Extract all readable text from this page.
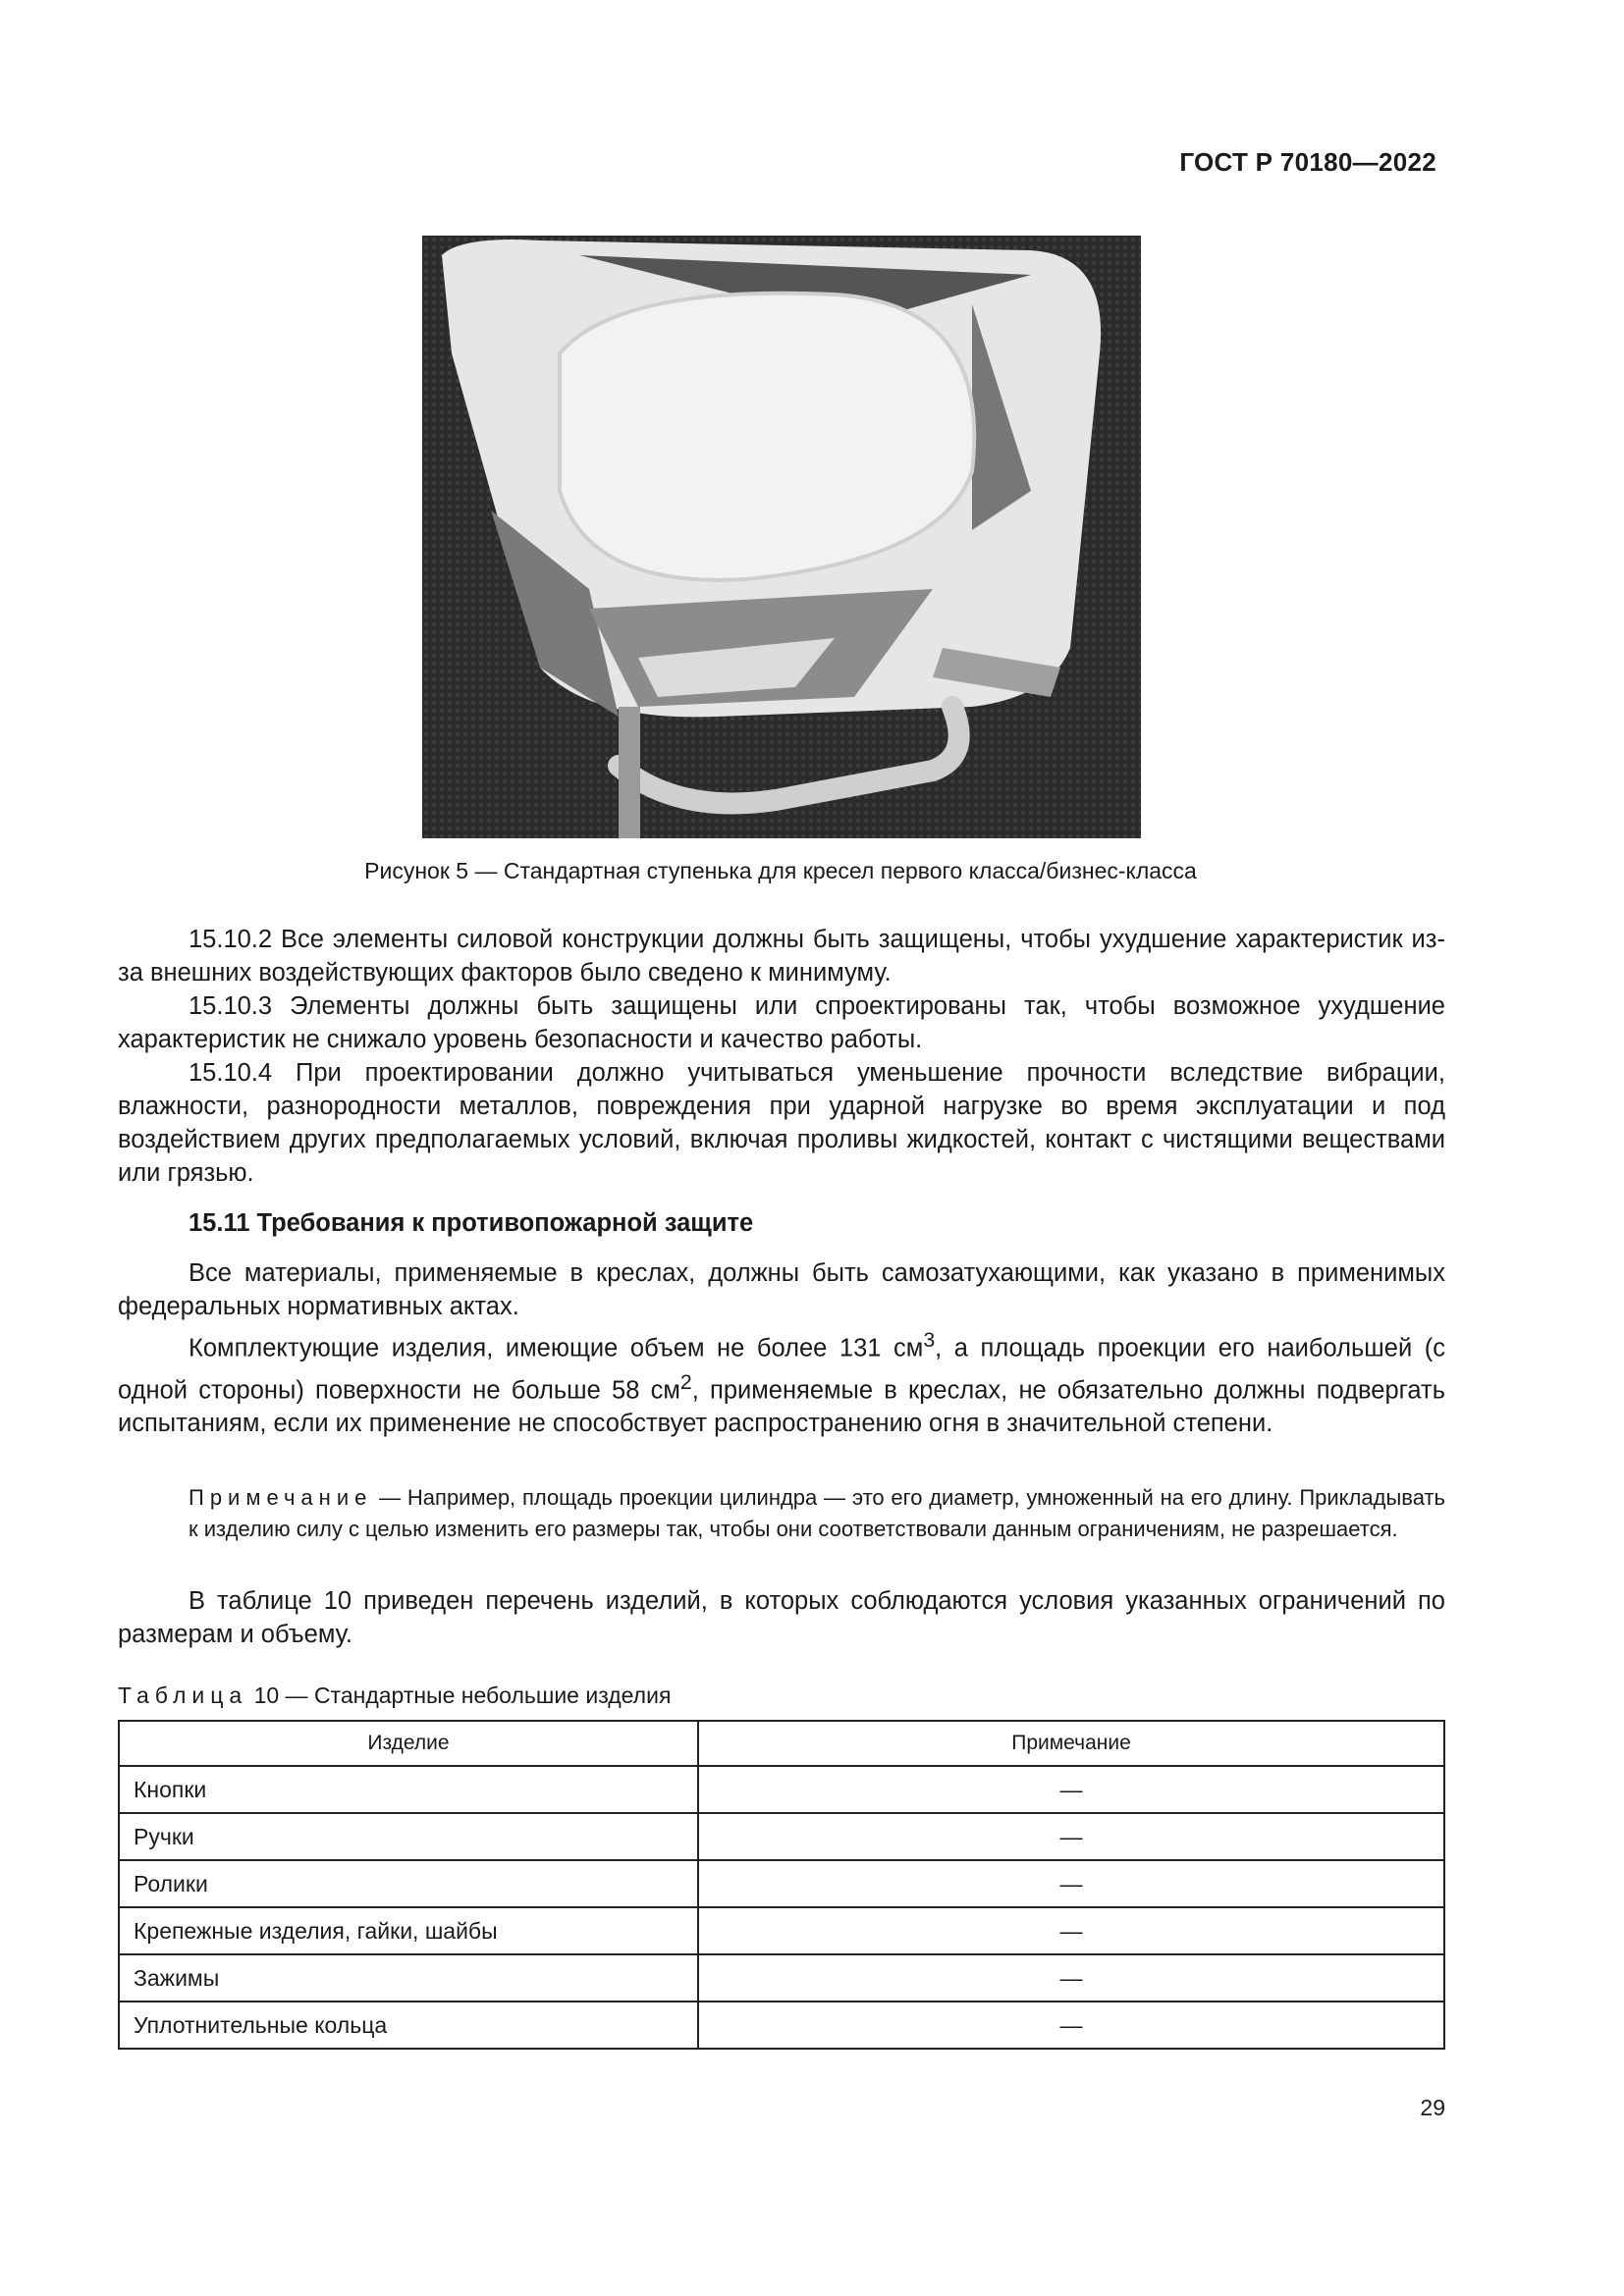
ГОСТ Р 70180—2022
Рисунок 5 — Стандартная ступенька для кресел первого класса/бизнес-класса

15.10.2 Все элементы силовой конструкции должны быть защищены, чтобы ухудшение характеристик из-за внешних воздействующих факторов было сведено к минимуму.

15.10.3 Элементы должны быть защищены или спроектированы так, чтобы возможное ухудшение характеристик не снижало уровень безопасности и качество работы.

15.10.4 При проектировании должно учитываться уменьшение прочности вследствие вибрации, влажности, разнородности металлов, повреждения при ударной нагрузке во время эксплуатации и под воздействием других предполагаемых условий, включая проливы жидкостей, контакт с чистящими веществами или грязью.

15.11 Требования к противопожарной защите

Все материалы, применяемые в креслах, должны быть самозатухающими, как указано в применимых федеральных нормативных актах.

Комплектующие изделия, имеющие объем не более 131 $см^3$, а площадь проекции его наибольшей (с одной стороны) поверхности не больше 58 $см^2$, применяемые в креслах, не обязательно должны подвергать испытаниям, если их применение не способствует распространению огня в значительной степени.

Примечание — Например, площадь проекции цилиндра — это его диаметр, умноженный на его длину. Прикладывать к изделию силу с целью изменить его размеры так, чтобы они соответствовали данным ограничениям, не разрешается.

В таблице 10 приведен перечень изделий, в которых соблюдаются условия указанных ограничений по размерам и объему.

Таблица 10 — Стандартные небольшие изделия
Изделие	Примечание
Кнопки	—
Ручки	—
Ролики	—
Крепежные изделия, гайки, шайбы	—
Зажимы	—
Уплотнительные кольца	—
29
